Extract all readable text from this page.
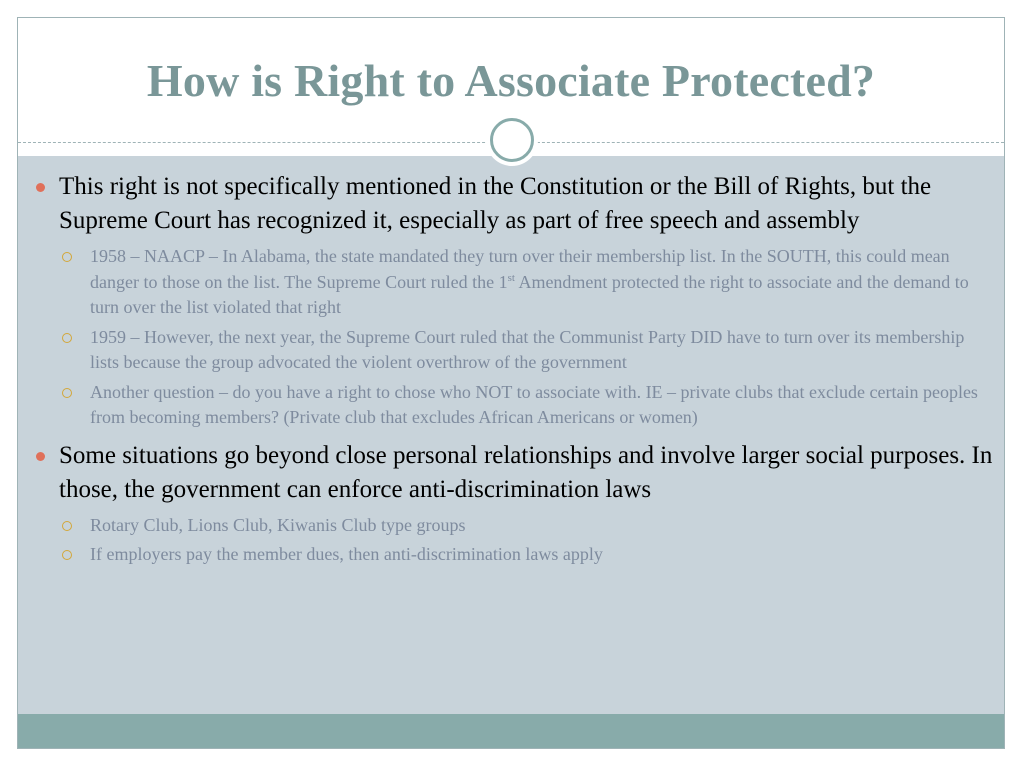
How is Right to Associate Protected?
This right is not specifically mentioned in the Constitution or the Bill of Rights, but the Supreme Court has recognized it, especially as part of free speech and assembly
1958 – NAACP – In Alabama, the state mandated they turn over their membership list. In the SOUTH, this could mean danger to those on the list. The Supreme Court ruled the 1st Amendment protected the right to associate and the demand to turn over the list violated that right
1959 – However, the next year, the Supreme Court ruled that the Communist Party DID have to turn over its membership lists because the group advocated the violent overthrow of the government
Another question – do you have a right to chose who NOT to associate with. IE – private clubs that exclude certain peoples from becoming members? (Private club that excludes African Americans or women)
Some situations go beyond close personal relationships and involve larger social purposes. In those, the government can enforce anti-discrimination laws
Rotary Club, Lions Club, Kiwanis Club type groups
If employers pay the member dues, then anti-discrimination laws apply
